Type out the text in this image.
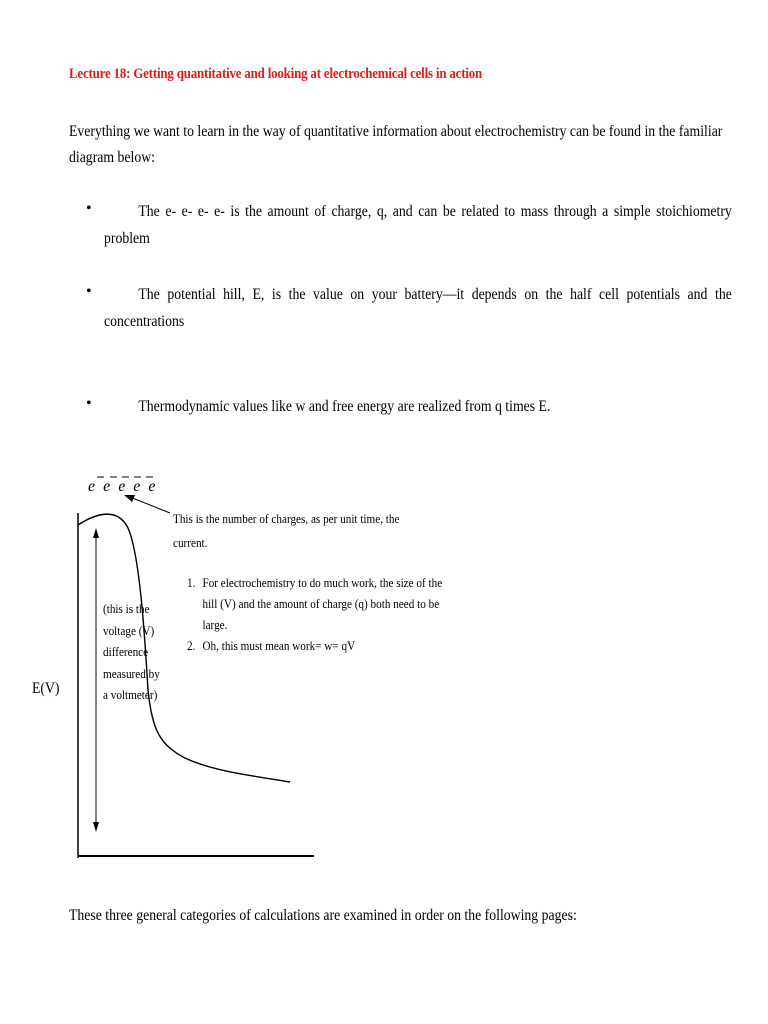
Lecture 18: Getting quantitative and looking at electrochemical cells in action
Everything we want to learn in the way of quantitative information about electrochemistry can be found in the familiar diagram below:
•	The e- e- e- e- is the amount of charge, q, and can be related to mass through a simple stoichiometry problem
•	The potential hill, E, is the value on your battery—it depends on the half cell potentials and the concentrations
•	Thermodynamic values like w and free energy are realized from q times E.
e e e e e
E(V)
This is the number of charges, as per unit time, the current.
(this is the voltage (V) difference measured by a voltmeter)
1. For electrochemistry to do much work, the size of the hill (V) and the amount of charge (q) both need to be large.
2. Oh, this must mean work= w= qV
These three general categories of calculations are examined in order on the following pages:
